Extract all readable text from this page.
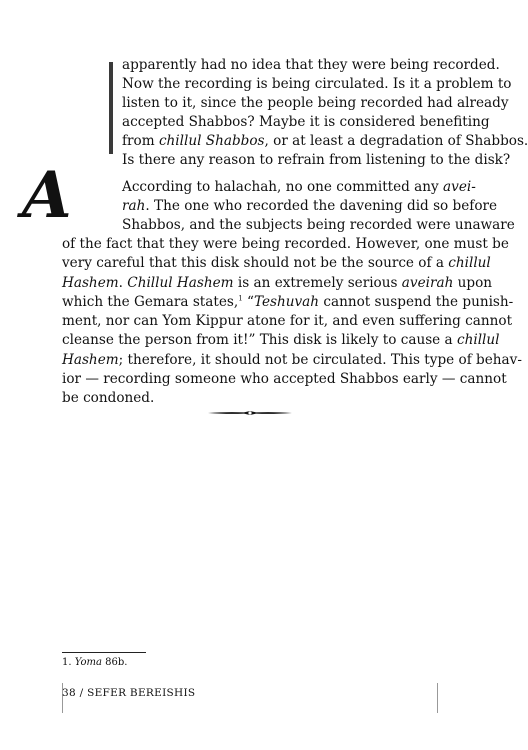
apparently had no idea that they were being recorded.
Now the recording is being circulated. Is it a problem to
listen to it, since the people being recorded had already
accepted Shabbos? Maybe it is considered benefiting
from chillul Shabbos, or at least a degradation of Shabbos.
Is there any reason to refrain from listening to the disk?
A	According to halachah, no one committed any avei-
rah. The one who recorded the davening did so before
Shabbos, and the subjects being recorded were unaware
of the fact that they were being recorded. However, one must be
very careful that this disk should not be the source of a chillul
Hashem. Chillul Hashem is an extremely serious aveirah upon
which the Gemara states,$^1$ “Teshuvah cannot suspend the punish-
ment, nor can Yom Kippur atone for it, and even suffering cannot
cleanse the person from it!” This disk is likely to cause a chillul
Hashem; therefore, it should not be circulated. This type of behav-
ior — recording someone who accepted Shabbos early — cannot
be condoned.
1. Yoma 86b.
38 / SEFER BEREISHIS
